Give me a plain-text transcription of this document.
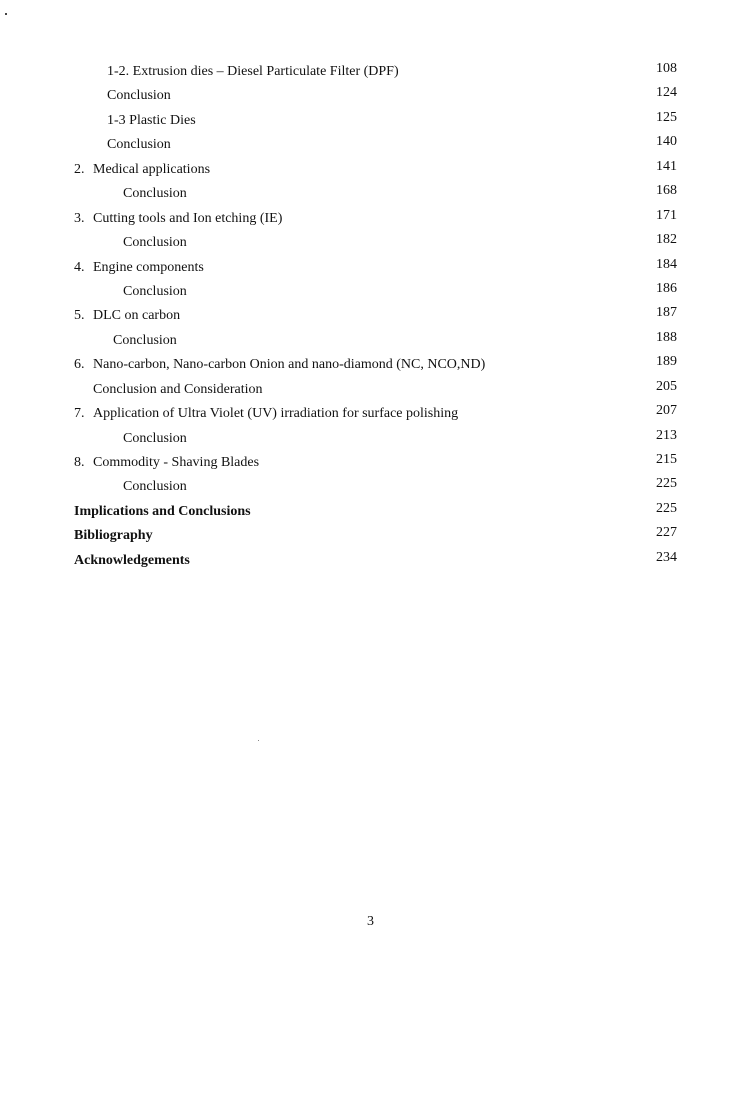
1-2. Extrusion dies – Diesel Particulate Filter (DPF)	108
Conclusion	124
1-3 Plastic Dies	125
Conclusion	140
2. Medical applications	141
Conclusion	168
3. Cutting tools and Ion etching (IE)	171
Conclusion	182
4. Engine components	184
Conclusion	186
5. DLC on carbon	187
Conclusion	188
6. Nano-carbon, Nano-carbon Onion and nano-diamond (NC, NCO,ND)	189
Conclusion and Consideration	205
7. Application of Ultra Violet (UV) irradiation for surface polishing	207
Conclusion	213
8. Commodity - Shaving Blades	215
Conclusion	225
Implications and Conclusions	225
Bibliography	227
Acknowledgements	234
3
